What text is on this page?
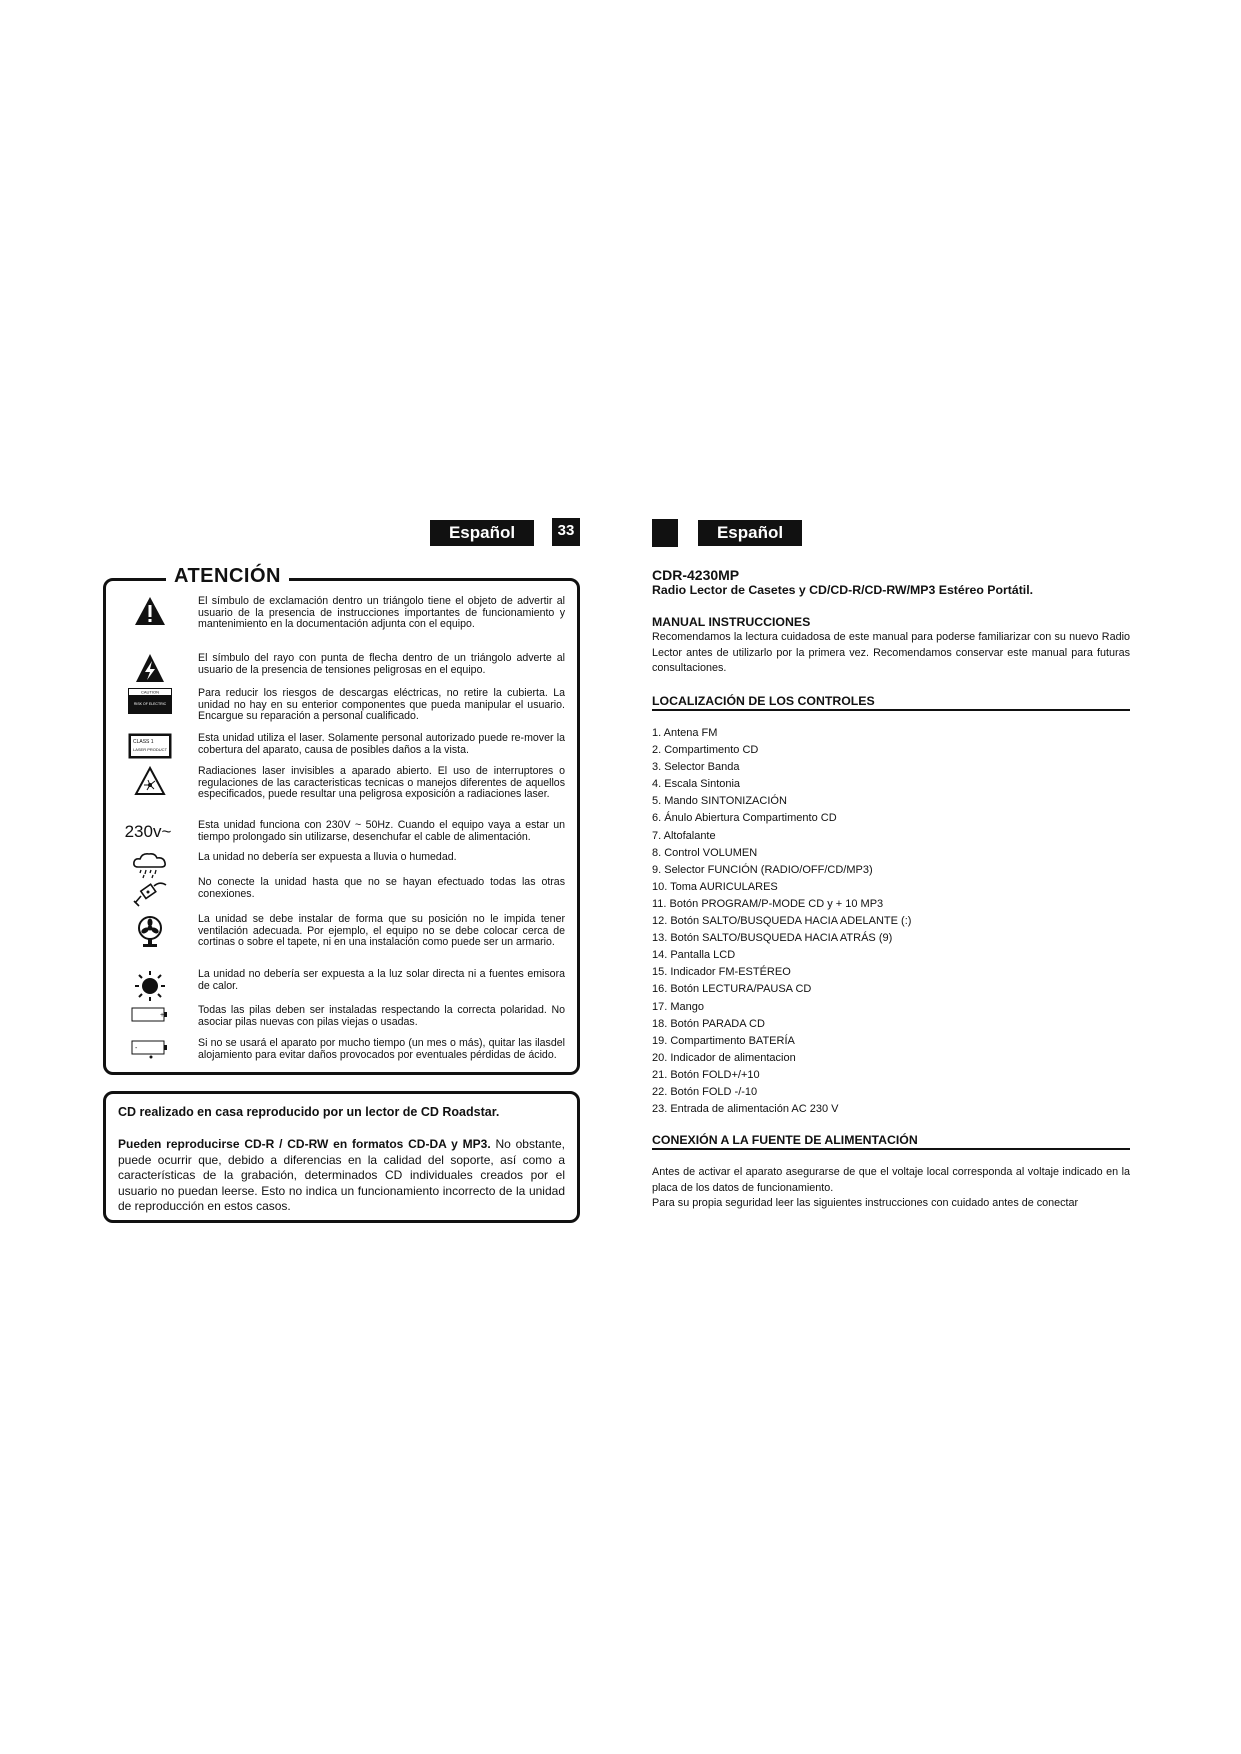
Español	33
ATENCIÓN
El símbulo de exclamación dentro un triángolo tiene el objeto de advertir al usuario de la presencia de instrucciones importantes de funcionamiento y mantenimiento en la documentación adjunta con el equipo.
El símbulo del rayo con punta de flecha dentro de un triángolo adverte al usuario de la presencia de tensiones peligrosas en el equipo.
CAUTION
RISK OF ELECTRIC
Para reducir los riesgos de descargas eléctricas, no retire la cubierta. La unidad no hay en su enterior componentes que pueda manipular el usuario. Encargue su reparación a personal cualificado.
CLASS 1
LASER PRODUCT
Esta unidad utiliza el laser. Solamente personal autorizado puede re-mover la cobertura del aparato, causa de posibles daños a la vista.
Radiaciones laser invisibles a aparado abierto. El uso de interruptores o regulaciones de las caracteristicas tecnicas o manejos diferentes de aquellos especificados, puede resultar una peligrosa exposición a radiaciones laser.
230v~	Esta unidad funciona con 230V ~ 50Hz. Cuando el equipo vaya a estar un tiempo prolongado sin utilizarse, desenchufar el cable de alimentación.
La unidad no debería ser expuesta a lluvia o humedad.
No conecte la unidad hasta que no se hayan efectuado todas las otras conexiones.
La unidad se debe instalar de forma que su posición no le impida tener ventilación adecuada. Por ejemplo, el equipo no se debe colocar cerca de cortinas o sobre el tapete, ni en una instalación como puede ser un armario.
La unidad no debería ser expuesta a la luz solar directa ni a fuentes emisora de calor.
+	Todas las pilas deben ser instaladas respectando la correcta polaridad. No asociar pilas nuevas con pilas viejas o usadas.
-	Si no se usará el aparato por mucho tiempo (un mes o más), quitar las ilasdel alojamiento para evitar daños provocados por eventuales pérdidas de ácido.
CD realizado en casa reproducido por un lector de CD Roadstar.
Pueden reproducirse CD-R / CD-RW en formatos CD-DA y MP3. No obstante, puede ocurrir que, debido a diferencias en la calidad del soporte, así como a características de la grabación, determinados CD individuales creados por el usuario no puedan leerse. Esto no indica un funcionamiento incorrecto de la unidad de reproducción en estos casos.
Español
CDR-4230MP
Radio Lector de Casetes y CD/CD-R/CD-RW/MP3 Estéreo Portátil.
MANUAL INSTRUCCIONES
Recomendamos la lectura cuidadosa de este manual para poderse familiarizar con su nuevo Radio Lector antes de utilizarlo por la primera vez. Recomendamos conservar este manual para futuras consultaciones.
LOCALIZACIÓN DE LOS CONTROLES
1. Antena FM
2. Compartimento CD
3. Selector Banda
4. Escala Sintonia
5. Mando SINTONIZACIÓN
6. Ánulo Abiertura Compartimento CD
7. Altofalante
8. Control VOLUMEN
9. Selector FUNCIÓN (RADIO/OFF/CD/MP3)
10. Toma AURICULARES
11. Botón PROGRAM/P-MODE CD y + 10 MP3
12. Botón SALTO/BUSQUEDA HACIA ADELANTE (:)
13. Botón SALTO/BUSQUEDA HACIA ATRÁS (9)
14. Pantalla LCD
15. Indicador FM-ESTÉREO
16. Botón LECTURA/PAUSA CD
17. Mango
18. Botón PARADA CD
19. Compartimento BATERÍA
20. Indicador de alimentacion
21. Botón FOLD+/+10
22. Botón FOLD -/-10
23. Entrada de alimentación AC 230 V
CONEXIÓN A LA FUENTE DE ALIMENTACIÓN
Antes de activar el aparato asegurarse de que el voltaje local corresponda al voltaje indicado en la placa de los datos de funcionamiento.
Para su propia seguridad leer las siguientes instrucciones con cuidado antes de conectar
